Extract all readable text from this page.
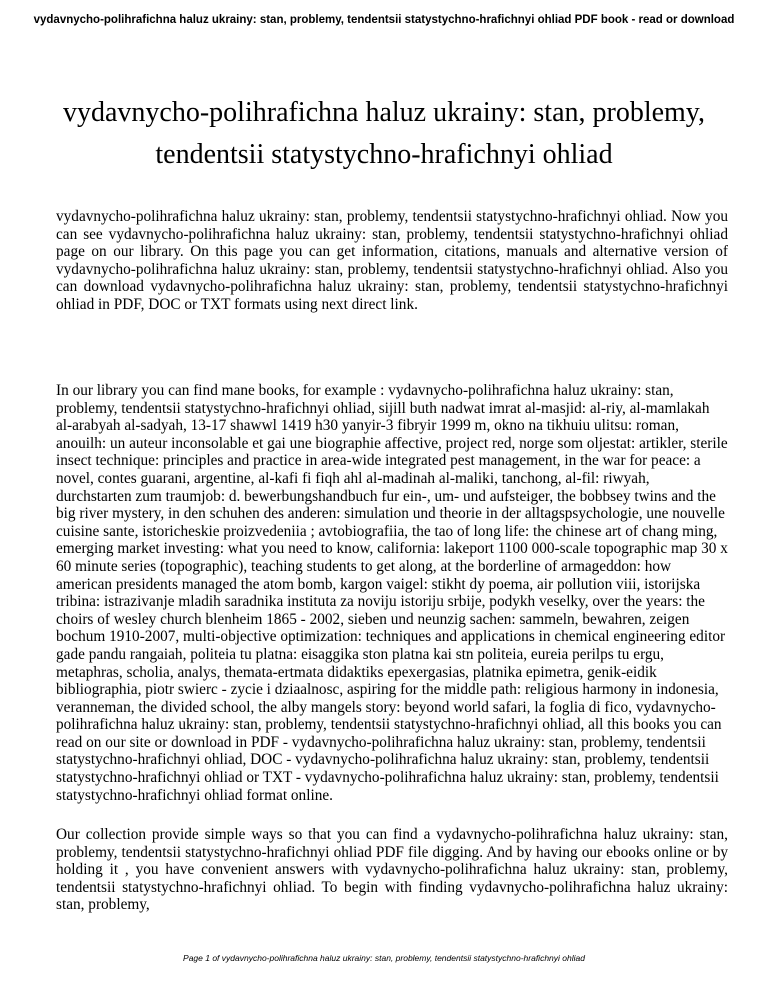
vydavnycho-polihrafichna haluz ukrainy: stan, problemy, tendentsii statystychno-hrafichnyi ohliad PDF book - read or download
vydavnycho-polihrafichna haluz ukrainy: stan, problemy, tendentsii statystychno-hrafichnyi ohliad

vydavnycho-polihrafichna haluz ukrainy: stan, problemy, tendentsii statystychno-hrafichnyi ohliad. Now you can see vydavnycho-polihrafichna haluz ukrainy: stan, problemy, tendentsii statystychno-hrafichnyi ohliad page on our library. On this page you can get information, citations, manuals and alternative version of vydavnycho-polihrafichna haluz ukrainy: stan, problemy, tendentsii statystychno-hrafichnyi ohliad. Also you can download vydavnycho-polihrafichna haluz ukrainy: stan, problemy, tendentsii statystychno-hrafichnyi ohliad in PDF, DOC or TXT formats using next direct link.

In our library you can find mane books, for example : vydavnycho-polihrafichna haluz ukrainy: stan, problemy, tendentsii statystychno-hrafichnyi ohliad, sijill buth nadwat imrat al-masjid: al-riy, al-mamlakah al-arabyah al-sadyah, 13-17 shawwl 1419 h30 yanyir-3 fibryir 1999 m, okno na tikhuiu ulitsu: roman, anouilh: un auteur inconsolable et gai une biographie affective, project red, norge som oljestat: artikler, sterile insect technique: principles and practice in area-wide integrated pest management, in the war for peace: a novel, contes guarani, argentine, al-kafi fi fiqh ahl al-madinah al-maliki, tanchong, al-fil: riwyah, durchstarten zum traumjob: d. bewerbungshandbuch fur ein-, um- und aufsteiger, the bobbsey twins and the big river mystery, in den schuhen des anderen: simulation und theorie in der alltagspsychologie, une nouvelle cuisine sante, istoricheskie proizvedeniia ; avtobiografiia, the tao of long life: the chinese art of chang ming, emerging market investing: what you need to know, california: lakeport 1100 000-scale topographic map 30 x 60 minute series (topographic), teaching students to get along, at the borderline of armageddon: how american presidents managed the atom bomb, kargon vaigel: stikht dy poema, air pollution viii, istorijska tribina: istrazivanje mladih saradnika instituta za noviju istoriju srbije, podykh veselky, over the years: the choirs of wesley church blenheim 1865 - 2002, sieben und neunzig sachen: sammeln, bewahren, zeigen bochum 1910-2007, multi-objective optimization: techniques and applications in chemical engineering editor gade pandu rangaiah, politeia tu platna: eisaggika ston platna kai stn politeia, eureia perilps tu ergu, metaphras, scholia, analys, themata-ertmata didaktiks epexergasias, platnika epimetra, genik-eidik bibliographia, piotr swierc - zycie i dziaalnosc, aspiring for the middle path: religious harmony in indonesia, veranneman, the divided school, the alby mangels story: beyond world safari, la foglia di fico, vydavnycho-polihrafichna haluz ukrainy: stan, problemy, tendentsii statystychno-hrafichnyi ohliad, all this books you can read on our site or download in PDF - vydavnycho-polihrafichna haluz ukrainy: stan, problemy, tendentsii statystychno-hrafichnyi ohliad, DOC - vydavnycho-polihrafichna haluz ukrainy: stan, problemy, tendentsii statystychno-hrafichnyi ohliad or TXT - vydavnycho-polihrafichna haluz ukrainy: stan, problemy, tendentsii statystychno-hrafichnyi ohliad format online.

Our collection provide simple ways so that you can find a vydavnycho-polihrafichna haluz ukrainy: stan, problemy, tendentsii statystychno-hrafichnyi ohliad PDF file digging. And by having our ebooks online or by holding it , you have convenient answers with vydavnycho-polihrafichna haluz ukrainy: stan, problemy, tendentsii statystychno-hrafichnyi ohliad. To begin with finding vydavnycho-polihrafichna haluz ukrainy: stan, problemy,

Page 1 of vydavnycho-polihrafichna haluz ukrainy: stan, problemy, tendentsii statystychno-hrafichnyi ohliad
